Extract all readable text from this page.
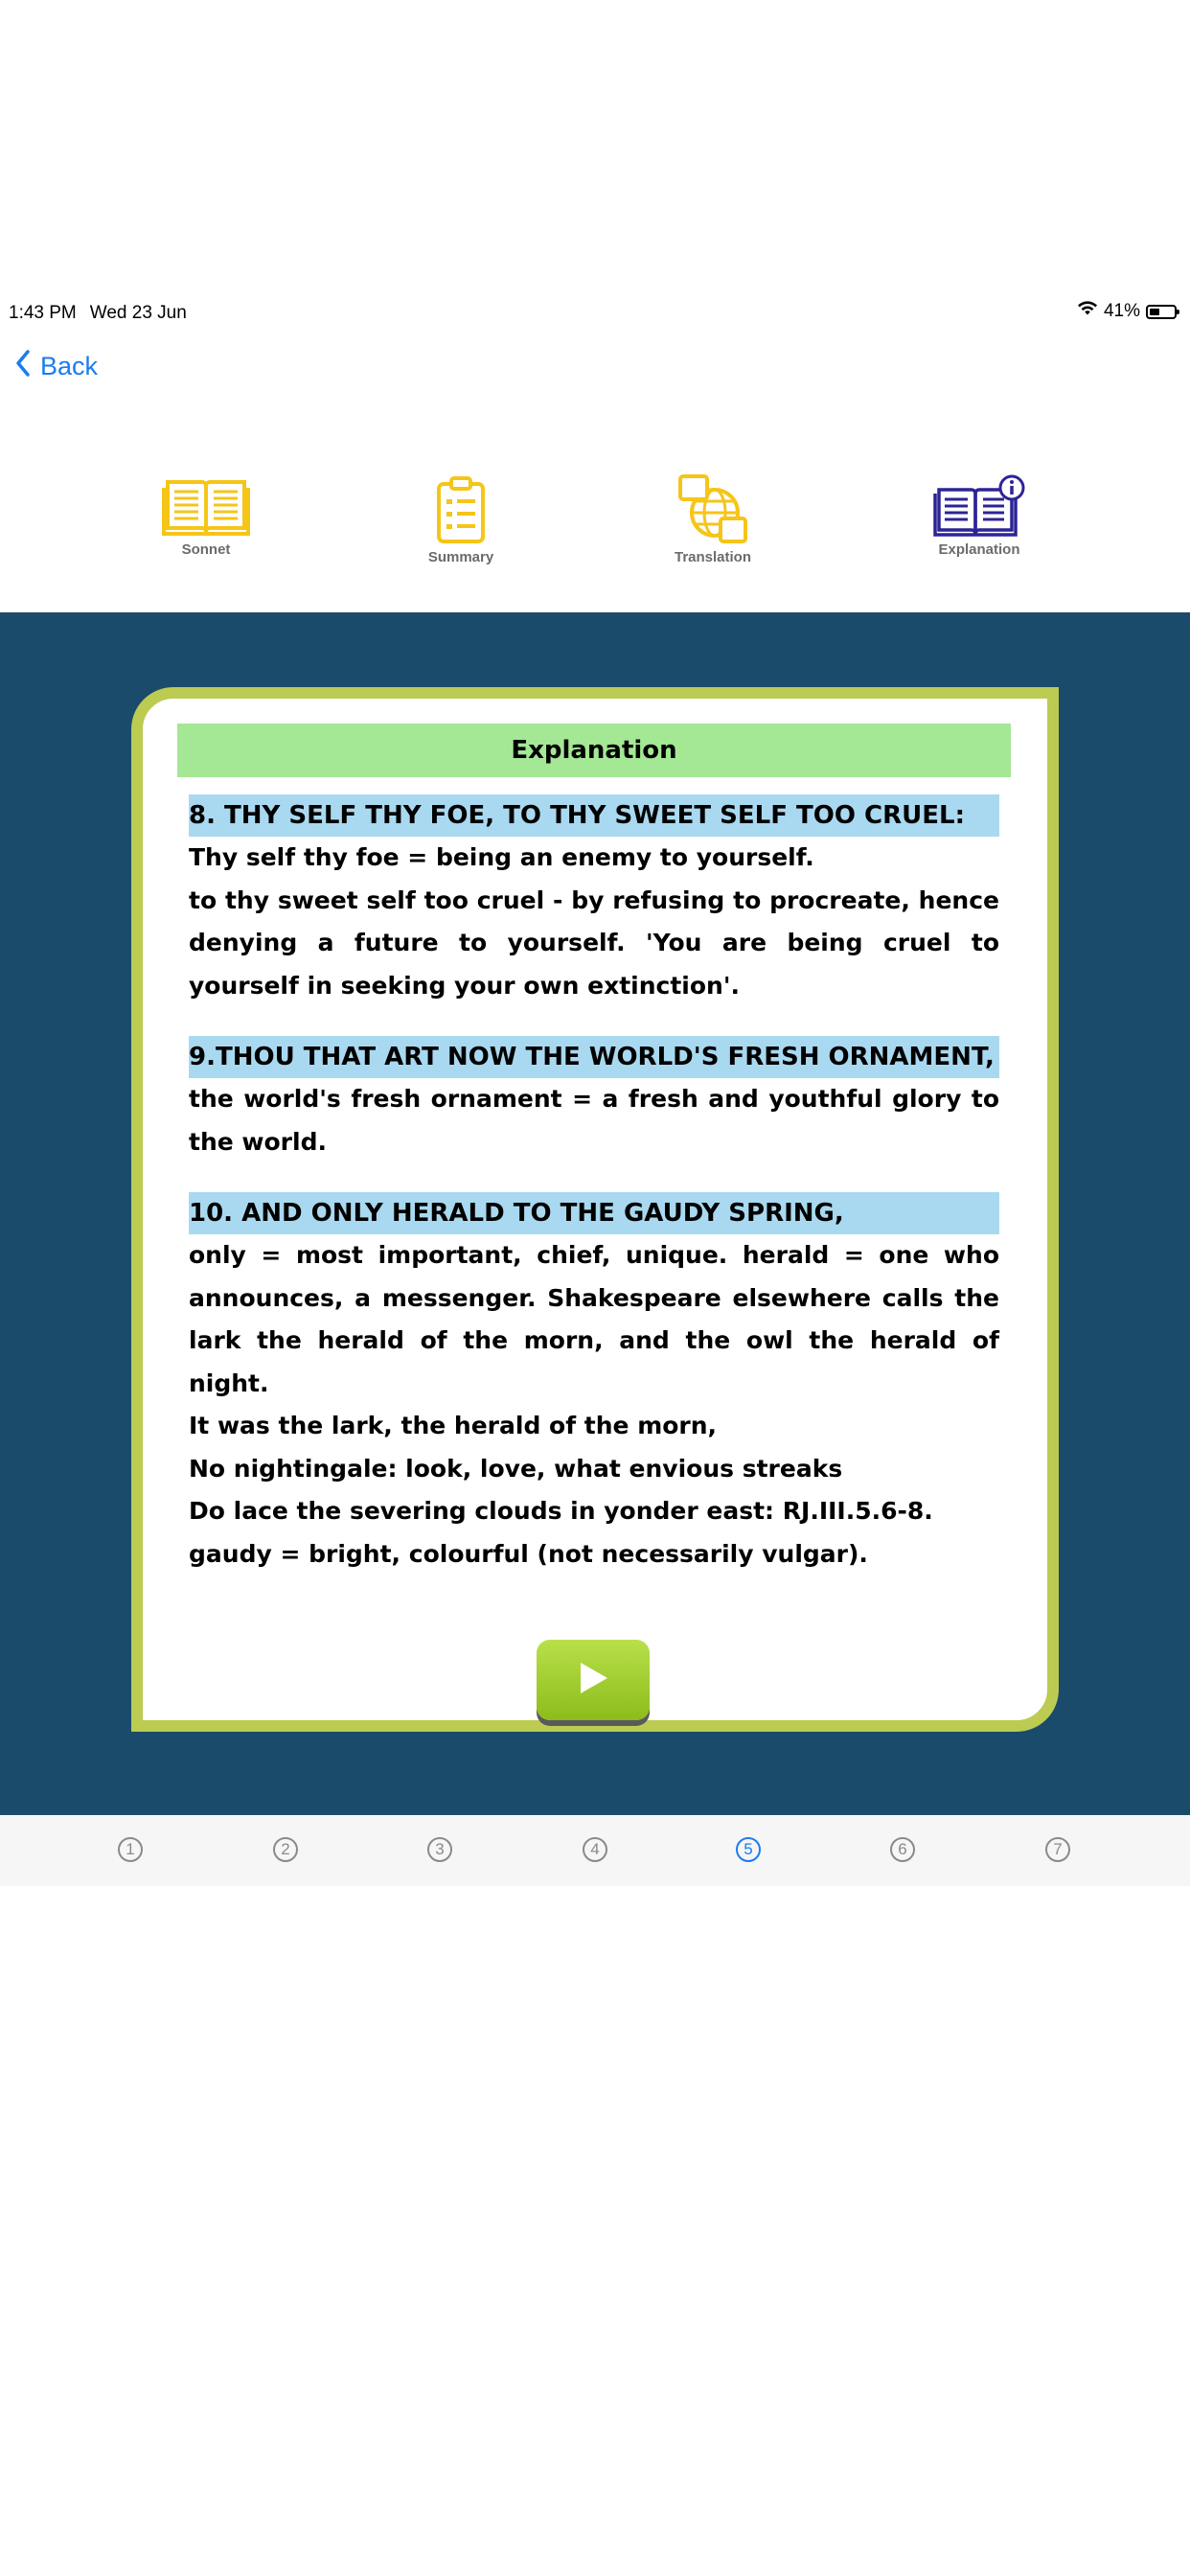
1:43 PM Wed 23 Jun	41%
Back
Sonnet	Summary	Translation	Explanation
Explanation
8. THY SELF THY FOE, TO THY SWEET SELF TOO CRUEL:
Thy self thy foe = being an enemy to yourself.
to thy sweet self too cruel - by refusing to procreate, hence denying a future to yourself. 'You are being cruel to yourself in seeking your own extinction'.
9.THOU THAT ART NOW THE WORLD'S FRESH ORNAMENT,
the world's fresh ornament = a fresh and youthful glory to the world.
10. AND ONLY HERALD TO THE GAUDY SPRING,
only = most important, chief, unique. herald = one who announces, a messenger. Shakespeare elsewhere calls the lark the herald of the morn, and the owl the herald of night.
It was the lark, the herald of the morn,
No nightingale: look, love, what envious streaks
Do lace the severing clouds in yonder east: RJ.III.5.6-8.
gaudy = bright, colourful (not necessarily vulgar).
1	2	3	4	5	6	7
